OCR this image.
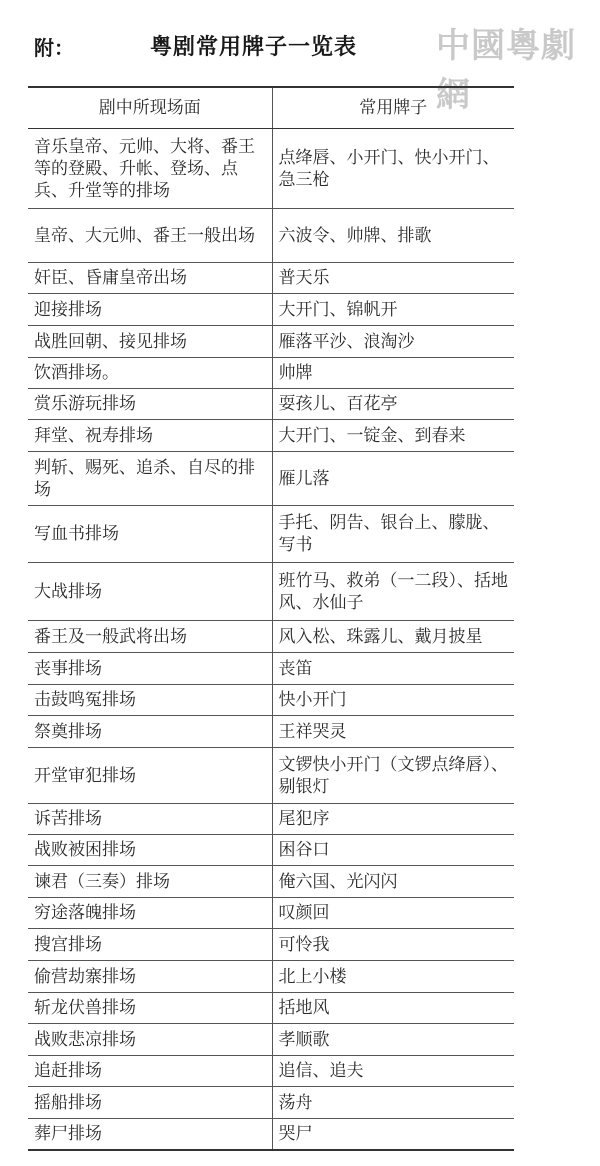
附：	粤剧常用牌子一览表 中國粵劇網
剧中所现场面	常用牌子
音乐皇帝、元帅、大将、番王等的登殿、升帐、登场、点兵、升堂等的排场	点绛唇、小开门、快小开门、急三枪
皇帝、大元帅、番王一般出场	六波令、帅牌、排歌
奸臣、昏庸皇帝出场	普天乐
迎接排场	大开门、锦帆开
战胜回朝、接见排场	雁落平沙、浪淘沙
饮酒排场。	帅牌
赏乐游玩排场	耍孩儿、百花亭
拜堂、祝寿排场	大开门、一锭金、到春来
判斩、赐死、追杀、自尽的排场	雁儿落
写血书排场	手托、阴告、银台上、朦胧、写书
大战排场	班竹马、救弟（一二段）、括地风、水仙子
番王及一般武将出场	风入松、珠露儿、戴月披星
丧事排场	丧笛
击鼓鸣冤排场	快小开门
祭奠排场	王祥哭灵
开堂审犯排场	文锣快小开门（文锣点绛唇）、剔银灯
诉苦排场	尾犯序
战败被困排场	困谷口
谏君（三奏）排场	俺六国、光闪闪
穷途落魄排场	叹颜回
搜宫排场	可怜我
偷营劫寨排场	北上小楼
斩龙伏兽排场	括地风
战败悲凉排场	孝顺歌
追赶排场	追信、追夫
摇船排场	荡舟
葬尸排场	哭尸
